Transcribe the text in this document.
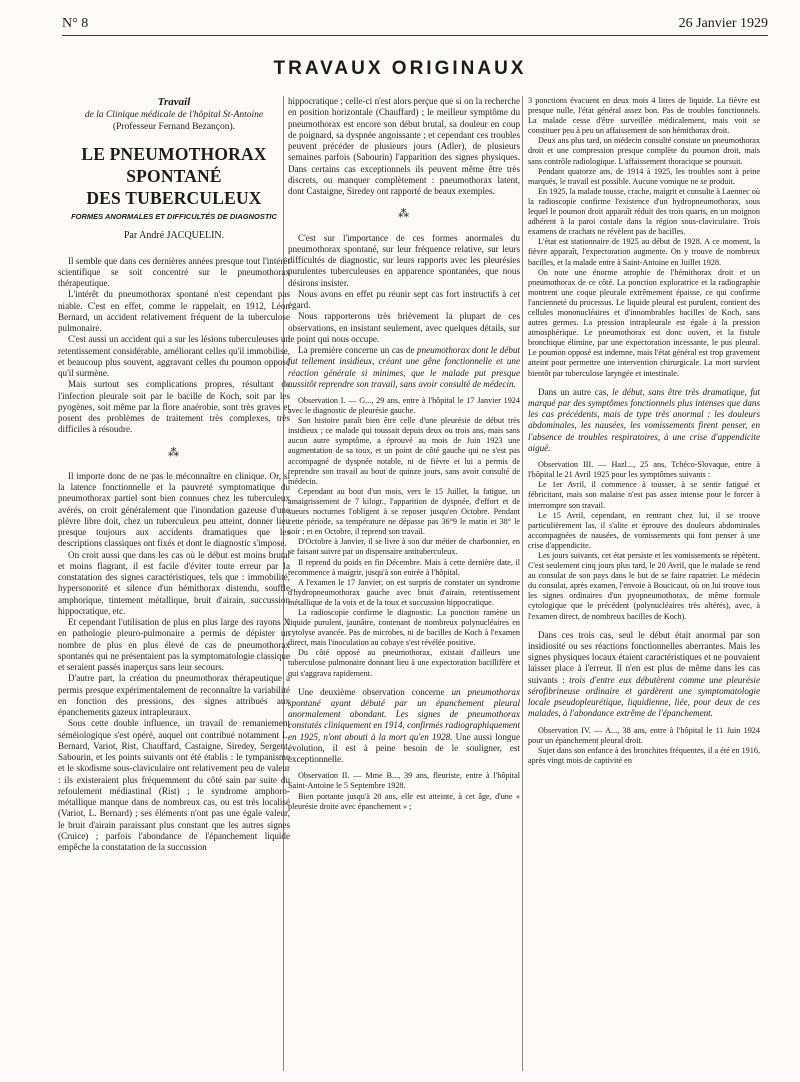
N° 8	26 Janvier 1929
TRAVAUX ORIGINAUX

Travail

de la Clinique médicale de l'hôpital St-Antoine

(Professeur Fernand Bezançon).

LE PNEUMOTHORAX SPONTANÉ
DES TUBERCULEUX
FORMES ANORMALES ET DIFFICULTÉS DE DIAGNOSTIC
Par André JACQUELIN.

Il semble que dans ces dernières années presque tout l'intérêt scientifique se soit concentré sur le pneumothorax thérapeutique.

L'intérêt du pneumothorax spontané n'est cependant pas niable. C'est en effet, comme le rappelait, en 1912, Léon Bernard, un accident relativement fréquent de la tuberculose pulmonaire.

C'est aussi un accident qui a sur les lésions tuberculeuses un retentissement considérable, améliorant celles qu'il immobilise, et beaucoup plus souvent, aggravant celles du poumon opposé qu'il surmène.

Mais surtout ses complications propres, résultant de l'infection pleurale soit par le bacille de Koch, soit par les pyogènes, soit même par la flore anaérobie, sont très graves et posent des problèmes de traitement très complexes, très difficiles à résoudre.

⁂

Il importe donc de ne pas le méconnaître en clinique. Or, si la latence fonctionnelle et la pauvreté symptomatique du pneumothorax partiel sont bien connues chez les tuberculeux avérés, on croit généralement que l'inondation gazeuse d'une plèvre libre doit, chez un tuberculeux peu atteint, donner lieu presque toujours aux accidents dramatiques que les descriptions classiques ont fixés et dont le diagnostic s'impose.

On croit aussi que dans les cas où le début est moins brutal et moins flagrant, il est facile d'éviter toute erreur par la constatation des signes caractéristiques, tels que : immobilité, hypersonorité et silence d'un hémithorax distendu, souffle amphorique, tintement métallique, bruit d'airain, succussion hippocratique, etc.

Et cependant l'utilisation de plus en plus large des rayons X en pathologie pleuro-pulmonaire a permis de dépister un nombre de plus en plus élevé de cas de pneumothorax spontanés qui ne présentaient pas la symptomatologie classique et seraient passés inaperçus sans leur secours.

D'autre part, la création du pneumothorax thérapeutique a permis presque expérimentalement de reconnaître la variabilité en fonction des pressions, des signes attribués aux épanchements gazeux intrapleuraux.

Sous cette double influence, un travail de remaniement séméiologique s'est opéré, auquel ont contribué notamment L. Bernard, Variot, Rist, Chauffard, Castaigne, Siredey, Sergent, Sabourin, et les points suivants ont été établis : le tympanisme et le skodisme sous-claviculaire ont relativement peu de valeur : ils existeraient plus fréquemment du côté sain par suite du refoulement médiastinal (Rist) ; le syndrome amphoro-métallique manque dans de nombreux cas, ou est très localisé (Variot, L. Bernard) ; ses éléments n'ont pas une égale valeur, le bruit d'airain paraissant plus constant que les autres signes (Cruice) ; parfois l'abondance de l'épanchement liquide empêche la constatation de la succussion

hippocratique ; celle-ci n'est alors perçue que si on la recherche en position horizontale (Chauffard) ; le meilleur symptôme du pneumothorax est encore son début brutal, sa douleur en coup de poignard, sa dyspnée angoissante ; et cependant ces troubles peuvent précéder de plusieurs jours (Adler), de plusieurs semaines parfois (Sabourin) l'apparition des signes physiques. Dans certains cas exceptionnels ils peuvent même être très discrets, ou manquer complètement : pneumothorax latent, dont Castaigne, Siredey ont rapporté de beaux exemples.

⁂

C'est sur l'importance de ces formes anormales du pneumothorax spontané, sur leur fréquence relative, sur leurs difficultés de diagnostic, sur leurs rapports avec les pleurésies purulentes tuberculeuses en apparence spontanées, que nous désirons insister.

Nous avons en effet pu réunir sept cas fort instructifs à cet égard.

Nous rapporterons très brièvement la plupart de ces observations, en insistant seulement, avec quelques détails, sur le point qui nous occupe.

La première concerne un cas de pneumothorax dont le début fut tellement insidieux, créant une gêne fonctionnelle et une réaction générale si minimes, que le malade put presque aussitôt reprendre son travail, sans avoir consulté de médecin.

Observation I. — G..., 29 ans, entre à l'hôpital le 17 Janvier 1924 avec le diagnostic de pleurésie gauche.

Son histoire paraît bien être celle d'une pleurésie de début très insidieux ; ce malade qui toussait depuis deux ou trois ans, mais sans aucun autre symptôme, a éprouvé au mois de Juin 1923 une augmentation de sa toux, et un point de côté gauche qui ne s'est pas accompagné de dyspnée notable, ni de fièvre et lui a permis de reprendre son travail au bout de quinze jours, sans avoir consulté de médecin.

Cependant au bout d'un mois, vers le 15 Juillet, la fatigue, un amaigrissement de 7 kilogr., l'apparition de dyspnée, d'effort et de sueurs nocturnes l'obligent à se reposer jusqu'en Octobre. Pendant cette période, sa température ne dépasse pas 36°9 le matin et 38° le soir ; et en Octobre, il reprend son travail.

D'Octobre à Janvier, il se livre à son dur métier de charbonnier, en se faisant suivre par un dispensaire antituberculeux.

Il reprend du poids en fin Décembre. Mais à cette dernière date, il recommence à maigrir, jusqu'à son entrée à l'hôpital.

A l'examen le 17 Janvier, on est surpris de constater un syndrome d'hydropneumothorax gauche avec bruit d'airain, retentissement métallique de la voix et de la toux et succussion hippocratique.

La radioscopie confirme le diagnostic. La ponction ramène un liquide purulent, jaunâtre, contenant de nombreux polynucléaires en cytolyse avancée. Pas de microbes, ni de bacilles de Koch à l'examen direct, mais l'inoculation au cobaye s'est révélée positive.

Du côté opposé au pneumothorax, existait d'ailleurs une tuberculose pulmonaire donnant lieu à une expectoration bacillifère et qui s'aggrava rapidement.

Une deuxième observation concerne un pneumothorax spontané ayant débuté par un épanchement pleural anormalement abondant. Les signes de pneumothorax constatés cliniquement en 1914, confirmés radiographiquement en 1925, n'ont abouti à la mort qu'en 1928. Une aussi longue évolution, il est à peine besoin de le souligner, est exceptionnelle.

Observation II. — Mme B..., 39 ans, fleuriste, entre à l'hôpital Saint-Antoine le 5 Septembre 1928.

Bien portante jusqu'à 20 ans, elle est atteinte, à cet âge, d'une « pleurésie droite avec épanchement » ;

3 ponctions évacuent en deux mois 4 litres de liquide. La fièvre est presque nulle, l'état général assez bon. Pas de troubles fonctionnels. La malade cesse d'être surveillée médicalement, mais voit se constituer peu à peu un affaissement de son hémithorax droit.

Deux ans plus tard, un médecin consulté constate un pneumothorax droit et une compression presque complète du poumon droit, mais sans contrôle radiologique. L'affaissement thoracique se poursuit.

Pendant quatorze ans, de 1914 à 1925, les troubles sont à peine marqués, le travail est possible. Aucune vomique ne se produit.

En 1925, la malade tousse, crache, maigrit et consulte à Laennec où la radioscopie confirme l'existence d'un hydropneumothorax, sous lequel le poumon droit apparaît réduit des trois quarts, en un moignon adhérent à la paroi costale dans la région sous-claviculaire. Trois examens de crachats ne révèlent pas de bacilles.

L'état est stationnaire de 1925 au début de 1928. A ce moment, la fièvre apparaît, l'expectoration augmente. On y trouve de nombreux bacilles, et la malade entre à Saint-Antoine en Juillet 1928.

On note une énorme atrophie de l'hémithorax droit et un pneumothorax de ce côté. La ponction exploratrice et la radiographie montrent une coque pleurale extrêmement épaisse, ce qui confirme l'ancienneté du processus. Le liquide pleural est purulent, contient des cellules mononucléaires et d'innombrables bacilles de Koch, sans autres germes. La pression intrapleurale est égale à la pression atmosphérique. Le pneumothorax est donc ouvert, et la fistule bronchique élimine, par une expectoration incessante, le pus pleural. Le poumon opposé est indemne, mais l'état général est trop gravement atteint pour permettre une intervention chirurgicale. La mort survient bientôt par tuberculose laryngée et intestinale.

Dans un autre cas, le début, sans être très dramatique, fut marqué par des symptômes fonctionnels plus intenses que dans les cas précédents, mais de type très anormal : les douleurs abdominales, les nausées, les vomissements firent penser, en l'absence de troubles respiratoires, à une crise d'appendicite aiguë.

Observation III. — Hazl..., 25 ans, Tchéco-Slovaque, entre à l'hôpital le 21 Avril 1925 pour les symptômes suivants :

Le 1er Avril, il commence à tousser, à se sentir fatigué et fébricitant, mais son malaise n'est pas assez intense pour le forcer à interrompre son travail.

Le 15 Avril, cependant, en rentrant chez lui, il se trouve particulièrement las, il s'alite et éprouve des douleurs abdominales accompagnées de nausées, de vomissements qui font penser à une crise d'appendicite.

Les jours suivants, cet état persiste et les vomissements se répètent. C'est seulement cinq jours plus tard, le 20 Avril, que le malade se rend au consulat de son pays dans le but de se faire rapatrier. Le médecin du consulat, après examen, l'envoie à Boucicaut, où on lui trouve tous les signes ordinaires d'un pyopneumothorax, de même formule cytologique que le précédent (polynucléaires très altérés), avec, à l'examen direct, de nombreux bacilles de Koch).

Dans ces trois cas, seul le début était anormal par son insidiosité ou ses réactions fonctionnelles aberrantes. Mais les signes physiques locaux étaient caractéristiques et ne pouvaient laisser place à l'erreur. Il n'en est plus de même dans les cas suivants : trois d'entre eux débutèrent comme une pleurésie sérofibrineuse ordinaire et gardèrent une symptomatologie locale pseudopleurétique, liquidienne, liée, pour deux de ces malades, à l'abondance extrême de l'épanchement.

Observation IV. — A..., 38 ans, entre à l'hôpital le 11 Juin 1924 pour un épanchement pleural droit.

Sujet dans son enfance à des bronchites fréquentes, il a été en 1916, après vingt mois de captivité en
